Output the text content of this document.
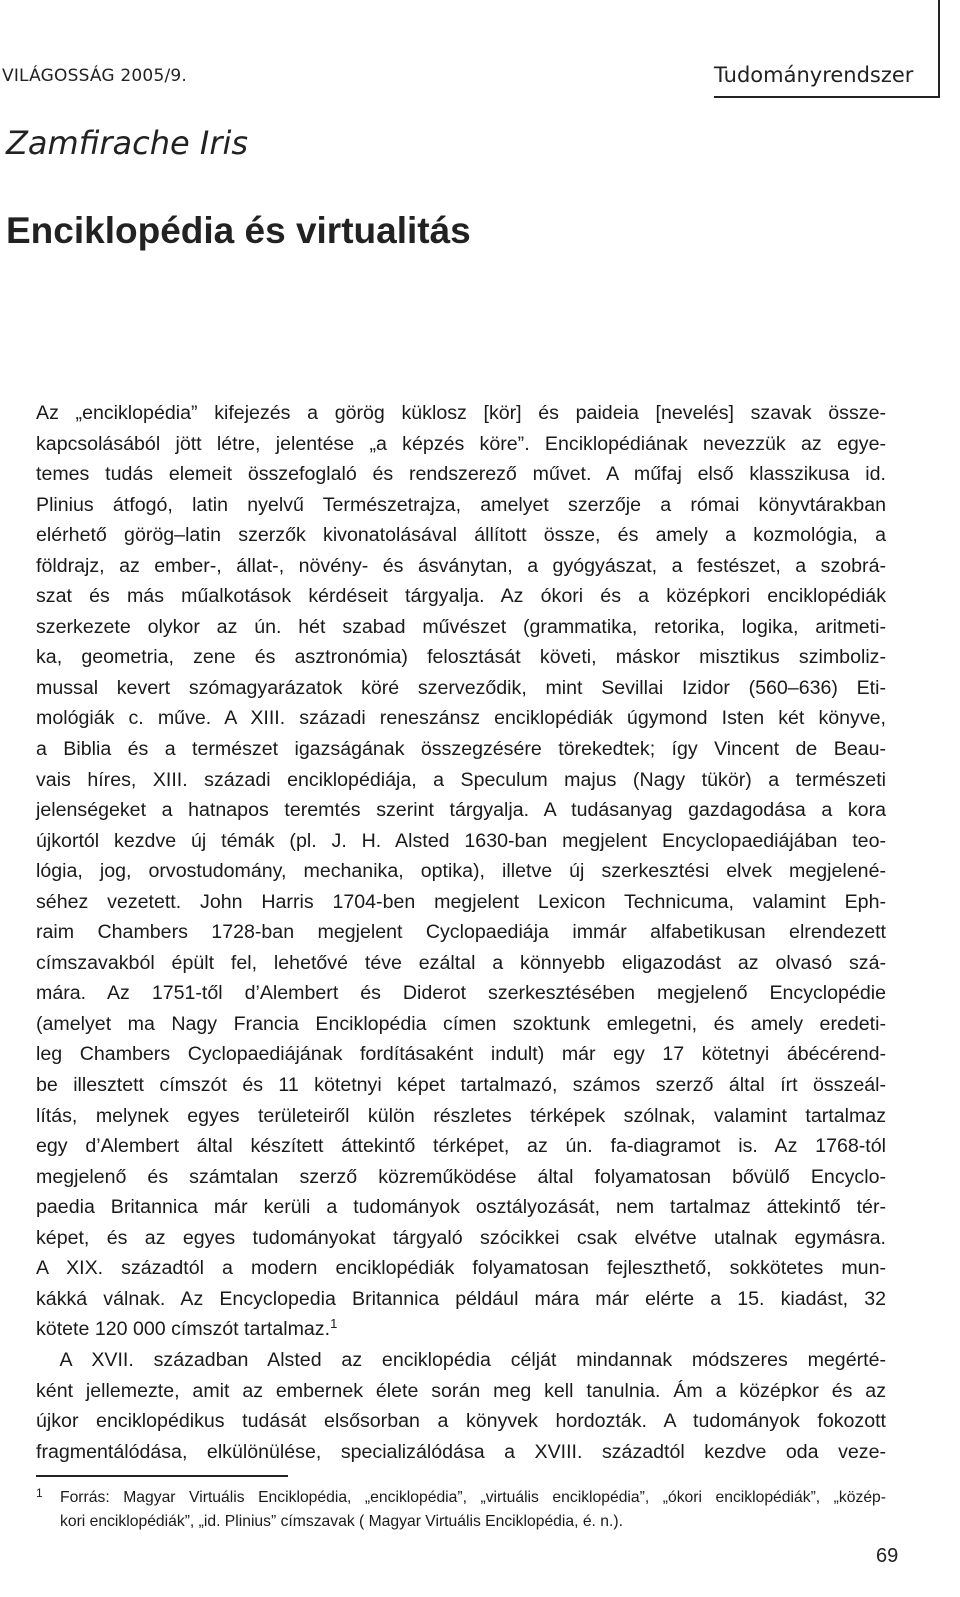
VILÁGOSSÁG 2005/9.	Tudományrendszer
Zamfirache Iris
Enciklopédia és virtualitás
Az „enciklopédia” kifejezés a görög küklosz [kör] és paideia [nevelés] szavak össze-
kapcsolásából jött létre, jelentése „a képzés köre”. Enciklopédiának nevezzük az egye-
temes tudás elemeit összefoglaló és rendszerező művet. A műfaj első klasszikusa id.
Plinius átfogó, latin nyelvű Természetrajza, amelyet szerzője a római könyvtárakban
elérhető görög–latin szerzők kivonatolásával állított össze, és amely a kozmológia, a
földrajz, az ember-, állat-, növény- és ásványtan, a gyógyászat, a festészet, a szobrá-
szat és más műalkotások kérdéseit tárgyalja. Az ókori és a középkori enciklopédiák
szerkezete olykor az ún. hét szabad művészet (grammatika, retorika, logika, aritmeti-
ka, geometria, zene és asztronómia) felosztását követi, máskor misztikus szimboliz-
mussal kevert szómagyarázatok köré szerveződik, mint Sevillai Izidor (560–636) Eti-
mológiák c. műve. A XIII. századi reneszánsz enciklopédiák úgymond Isten két könyve,
a Biblia és a természet igazságának összegzésére törekedtek; így Vincent de Beau-
vais híres, XIII. századi enciklopédiája, a Speculum majus (Nagy tükör) a természeti
jelenségeket a hatnapos teremtés szerint tárgyalja. A tudásanyag gazdagodása a kora
újkortól kezdve új témák (pl. J. H. Alsted 1630-ban megjelent Encyclopaediájában teo-
lógia, jog, orvostudomány, mechanika, optika), illetve új szerkesztési elvek megjelené-
séhez vezetett. John Harris 1704-ben megjelent Lexicon Technicuma, valamint Eph-
raim Chambers 1728-ban megjelent Cyclopaediája immár alfabetikusan elrendezett
címszavakból épült fel, lehetővé téve ezáltal a könnyebb eligazodást az olvasó szá-
mára. Az 1751-től d’Alembert és Diderot szerkesztésében megjelenő Encyclopédie
(amelyet ma Nagy Francia Enciklopédia címen szoktunk emlegetni, és amely eredeti-
leg Chambers Cyclopaediájának fordításaként indult) már egy 17 kötetnyi ábécérend-
be illesztett címszót és 11 kötetnyi képet tartalmazó, számos szerző által írt összeál-
lítás, melynek egyes területeiről külön részletes térképek szólnak, valamint tartalmaz
egy d’Alembert által készített áttekintő térképet, az ún. fa-diagramot is. Az 1768-tól
megjelenő és számtalan szerző közreműködése által folyamatosan bővülő Encyclo-
paedia Britannica már kerüli a tudományok osztályozását, nem tartalmaz áttekintő tér-
képet, és az egyes tudományokat tárgyaló szócikkei csak elvétve utalnak egymásra.
A XIX. századtól a modern enciklopédiák folyamatosan fejleszthető, sokkötetes mun-
kákká válnak. Az Encyclopedia Britannica például mára már elérte a 15. kiadást, 32
kötete 120 000 címszót tartalmaz.$^1$
A XVII. században Alsted az enciklopédia célját mindannak módszeres megérté-
ként jellemezte, amit az embernek élete során meg kell tanulnia. Ám a középkor és az
újkor enciklopédikus tudását elsősorban a könyvek hordozták. A tudományok fokozott
fragmentálódása, elkülönülése, specializálódása a XVIII. századtól kezdve oda veze-
1 Forrás: Magyar Virtuális Enciklopédia, „enciklopédia”, „virtuális enciklopédia”, „ókori enciklopédiák”, „közép-
kori enciklopédiák”, „id. Plinius” címszavak ( Magyar Virtuális Enciklopédia, é. n.).
69
